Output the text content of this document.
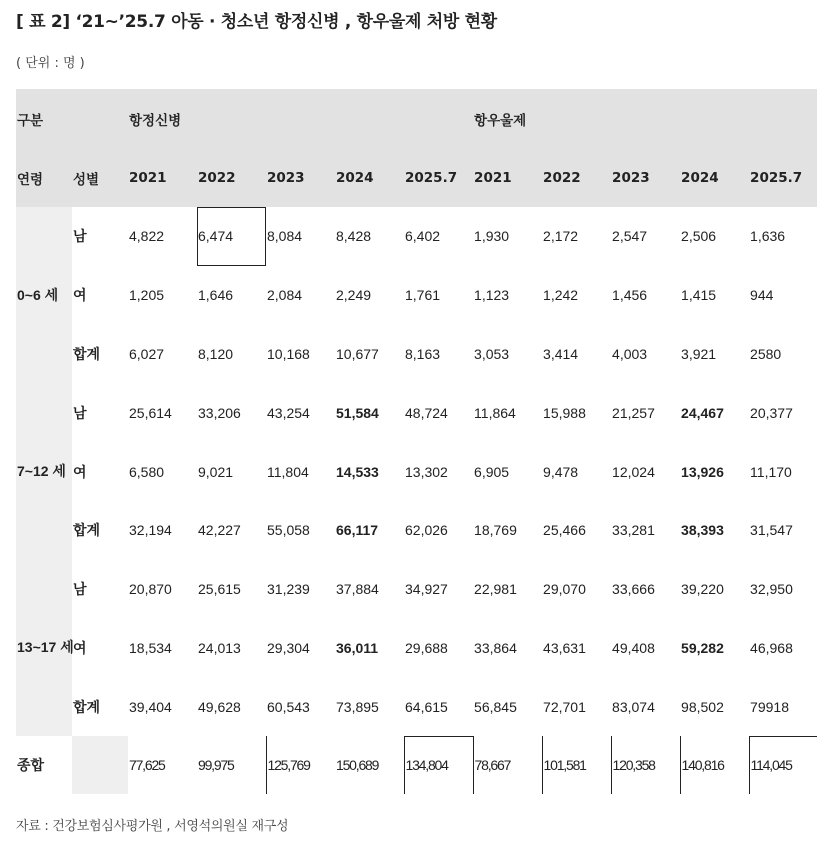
[ 표 2] ‘21~’25.7 아동 · 청소년 항정신병 , 항우울제 처방 현황
( 단위 : 명 )
구분		항정신병					항우울제				
연령	성별	2021	2022	2023	2024	2025.7	2021	2022	2023	2024	2025.7
0~6 세	남	4,822	6,474	8,084	8,428	6,402	1,930	2,172	2,547	2,506	1,636
	여	1,205	1,646	2,084	2,249	1,761	1,123	1,242	1,456	1,415	944
	합계	6,027	8,120	10,168	10,677	8,163	3,053	3,414	4,003	3,921	2580

7~12 세	남	25,614	33,206	43,254	51,584	48,724	11,864	15,988	21,257	24,467	20,377
	여	6,580	9,021	11,804	14,533	13,302	6,905	9,478	12,024	13,926	11,170
	합계	32,194	42,227	55,058	66,117	62,026	18,769	25,466	33,281	38,393	31,547

13~17 세	남	20,870	25,615	31,239	37,884	34,927	22,981	29,070	33,666	39,220	32,950
	여	18,534	24,013	29,304	36,011	29,688	33,864	43,631	49,408	59,282	46,968
	합계	39,404	49,628	60,543	73,895	64,615	56,845	72,701	83,074	98,502	79918
종합		77,625	99,975	125,769	150,689	134,804	78,667	101,581	120,358	140,816	114,045
자료 : 건강보험심사평가원 , 서영석의원실 재구성
